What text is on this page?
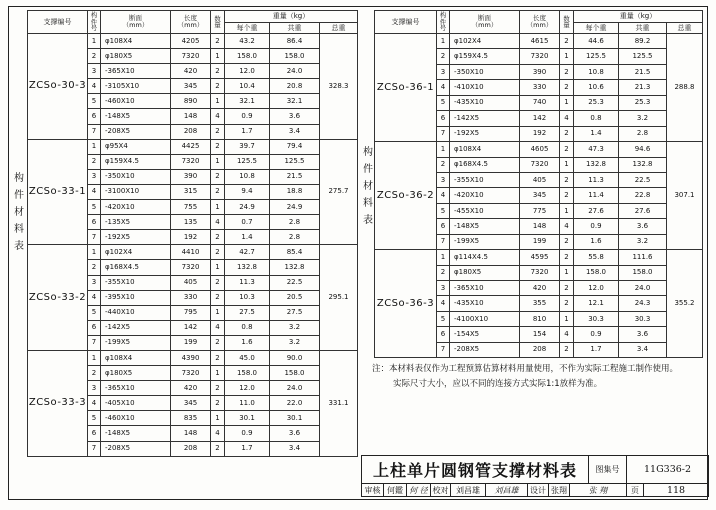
构
件
材
料
表
构
件
材
料
表
支撑编号	构
件
号	断面
（mm）	长度
（mm）	数
量	重量（kg）		
					每个重	共重	总重
ZCSo-30-3	1	φ108X4	4205	2	43.2	86.4	328.3
	2	φ180X5	7320	1	158.0	158.0	
	3	-365X10	420	2	12.0	24.0	
	4	-3105X10	345	2	10.4	20.8	
	5	-460X10	890	1	32.1	32.1	
	6	-148X5	148	4	0.9	3.6	
	7	-208X5	208	2	1.7	3.4	
ZCSo-33-1	1	φ95X4	4425	2	39.7	79.4	275.7
	2	φ159X4.5	7320	1	125.5	125.5	
	3	-350X10	390	2	10.8	21.5	
	4	-3100X10	315	2	9.4	18.8	
	5	-420X10	755	1	24.9	24.9	
	6	-135X5	135	4	0.7	2.8	
	7	-192X5	192	2	1.4	2.8	
ZCSo-33-2	1	φ102X4	4410	2	42.7	85.4	295.1
	2	φ168X4.5	7320	1	132.8	132.8	
	3	-355X10	405	2	11.3	22.5	
	4	-395X10	330	2	10.3	20.5	
	5	-440X10	795	1	27.5	27.5	
	6	-142X5	142	4	0.8	3.2	
	7	-199X5	199	2	1.6	3.2	
ZCSo-33-3	1	φ108X4	4390	2	45.0	90.0	331.1
	2	φ180X5	7320	1	158.0	158.0	
	3	-365X10	420	2	12.0	24.0	
	4	-405X10	345	2	11.0	22.0	
	5	-460X10	835	1	30.1	30.1	
	6	-148X5	148	4	0.9	3.6	
	7	-208X5	208	2	1.7	3.4	
支撑编号	构
件
号	断面
（mm）	长度
（mm）	数
量	重量（kg）		
					每个重	共重	总重
ZCSo-36-1	1	φ102X4	4615	2	44.6	89.2	288.8
	2	φ159X4.5	7320	1	125.5	125.5	
	3	-350X10	390	2	10.8	21.5	
	4	-410X10	330	2	10.6	21.3	
	5	-435X10	740	1	25.3	25.3	
	6	-142X5	142	4	0.8	3.2	
	7	-192X5	192	2	1.4	2.8	
ZCSo-36-2	1	φ108X4	4605	2	47.3	94.6	307.1
	2	φ168X4.5	7320	1	132.8	132.8	
	3	-355X10	405	2	11.3	22.5	
	4	-420X10	345	2	11.4	22.8	
	5	-455X10	775	1	27.6	27.6	
	6	-148X5	148	4	0.9	3.6	
	7	-199X5	199	2	1.6	3.2	
ZCSo-36-3	1	φ114X4.5	4595	2	55.8	111.6	355.2
	2	φ180X5	7320	1	158.0	158.0	
	3	-365X10	420	2	12.0	24.0	
	4	-435X10	355	2	12.1	24.3	
	5	-4100X10	810	1	30.3	30.3	
	6	-154X5	154	4	0.9	3.6	
	7	-208X5	208	2	1.7	3.4	
注：本材料表仅作为工程预算估算材料用量使用，不作为实际工程施工制作使用。
实际尺寸大小，应以不同的连接方式实际1:1放样为准。
上柱单片圆钢管支撑材料表									图集号	11G336-2	
审核	何鑑	何 径	校对	刘昌雄	刘昌雄	设计	张翔	张 翔		页	118
